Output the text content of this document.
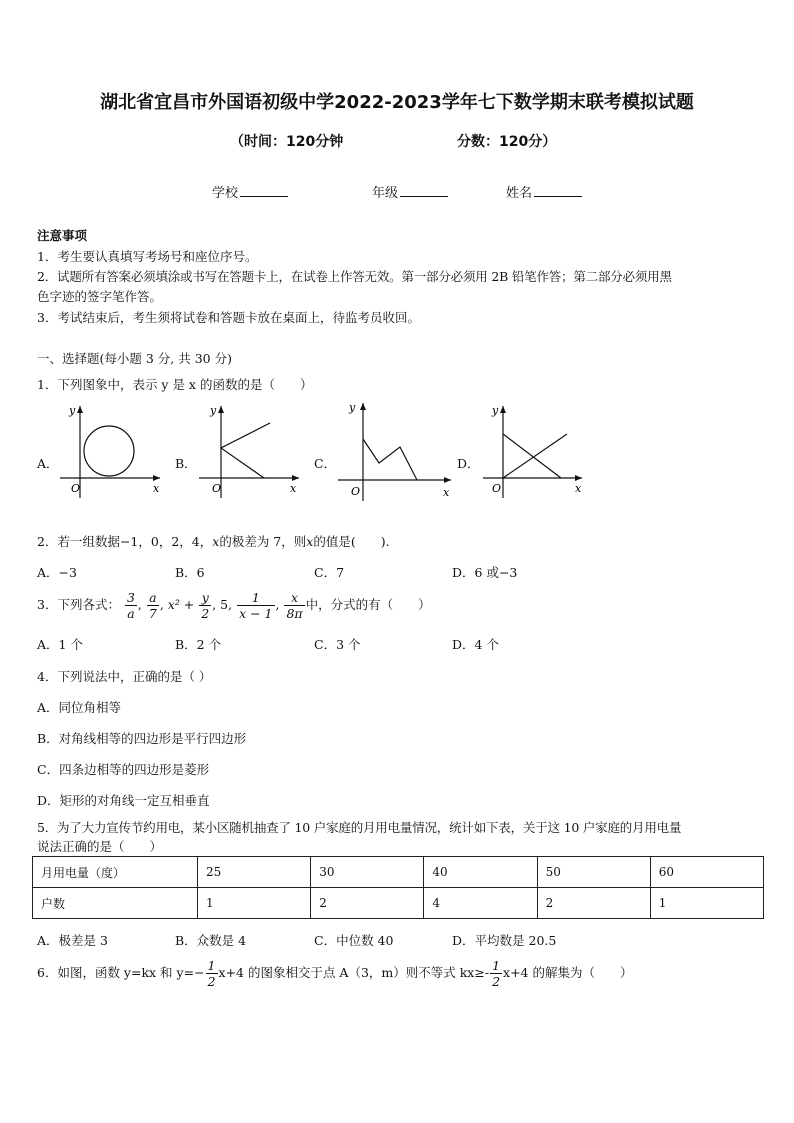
湖北省宜昌市外国语初级中学2022-2023学年七下数学期末联考模拟试题
（时间：120分钟	分数：120分）
学校	年级	姓名
注意事项
1．考生要认真填写考场号和座位序号。
2．试题所有答案必须填涂或书写在答题卡上，在试卷上作答无效。第一部分必须用 2B 铅笔作答；第二部分必须用黑
色字迹的签字笔作答。
3．考试结束后，考生须将试卷和答题卡放在桌面上，待监考员收回。
一、选择题(每小题 3 分, 共 30 分)
1．下列图象中，表示 y 是 x 的函数的是（　　）
A．	B．	C．	D．
y
x
O
y
x
O
y
x
O
y
x
O
2．若一组数据−1，0，2，4，x的极差为 7，则x的值是(　　).
A．−3	B．6	C．7	D．6 或−3
3．下列各式： $\frac{3}{a}$ , $\frac{a}{7}$ , $x^2 + \frac{y}{2}$ , 5, $\frac{1}{x - 1}$ , $\frac{x}{8\pi}$ 中，分式的有（　　）
A．1 个	B．2 个	C．3 个	D．4 个
4．下列说法中，正确的是（ ）
A．同位角相等
B．对角线相等的四边形是平行四边形
C．四条边相等的四边形是菱形
D．矩形的对角线一定互相垂直
5．为了大力宣传节约用电，某小区随机抽查了 10 户家庭的月用电量情况，统计如下表，关于这 10 户家庭的月用电量
说法正确的是（　　）
月用电量（度）	25	30	40	50	60
户数	1	2	4	2	1
A．极差是 3	B．众数是 4	C．中位数 40	D．平均数是 20.5
6．如图，函数 y=kx 和 $y=- \frac{1}{2} x+4$ 的图象相交于点 A（3，m）则不等式 $kx\ge- \frac{1}{2} x+4$ 的解集为（　　）
